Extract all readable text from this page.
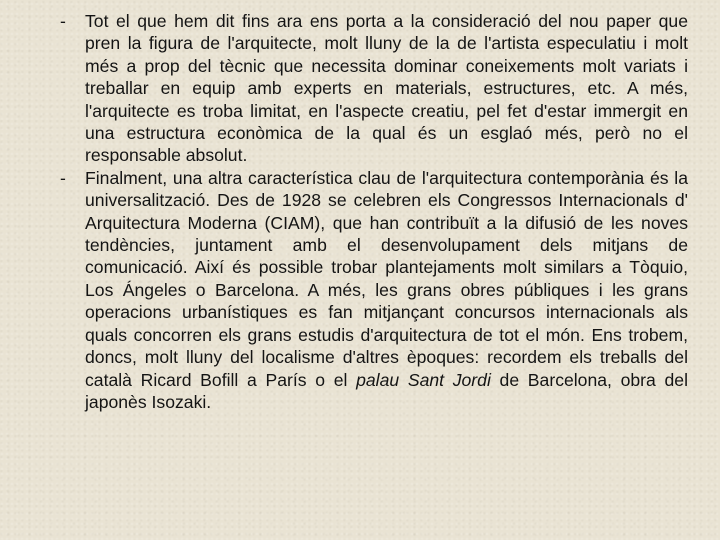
- Tot el que hem dit fins ara ens porta a la consideració del nou paper que pren la figura de l'arquitecte, molt lluny de la de l'artista especulatiu i molt més a prop del tècnic que necessita dominar coneixements molt variats i treballar en equip amb experts en materials, estructures, etc. A més, l'arquitecte es troba limitat, en l'aspecte creatiu, pel fet d'estar immergit en una estructura econòmica de la qual és un esglaó més, però no el responsable absolut.

- Finalment, una altra característica clau de l'arquitectura contemporània és la universalització. Des de 1928 se celebren els Congressos Internacionals d' Arquitectura Moderna (CIAM), que han contribuït a la difusió de les noves tendències, juntament amb el desenvolupament dels mitjans de comunicació. Així és possible trobar plantejaments molt similars a Tòquio, Los Ángeles o Barcelona. A més, les grans obres públiques i les grans operacions urbanístiques es fan mitjançant concursos internacionals als quals concorren els grans estudis d'arquitectura de tot el món. Ens trobem, doncs, molt lluny del localisme d'altres èpoques: recordem els treballs del català Ricard Bofill a París o el palau Sant Jordi de Barcelona, obra del japonès Isozaki.
